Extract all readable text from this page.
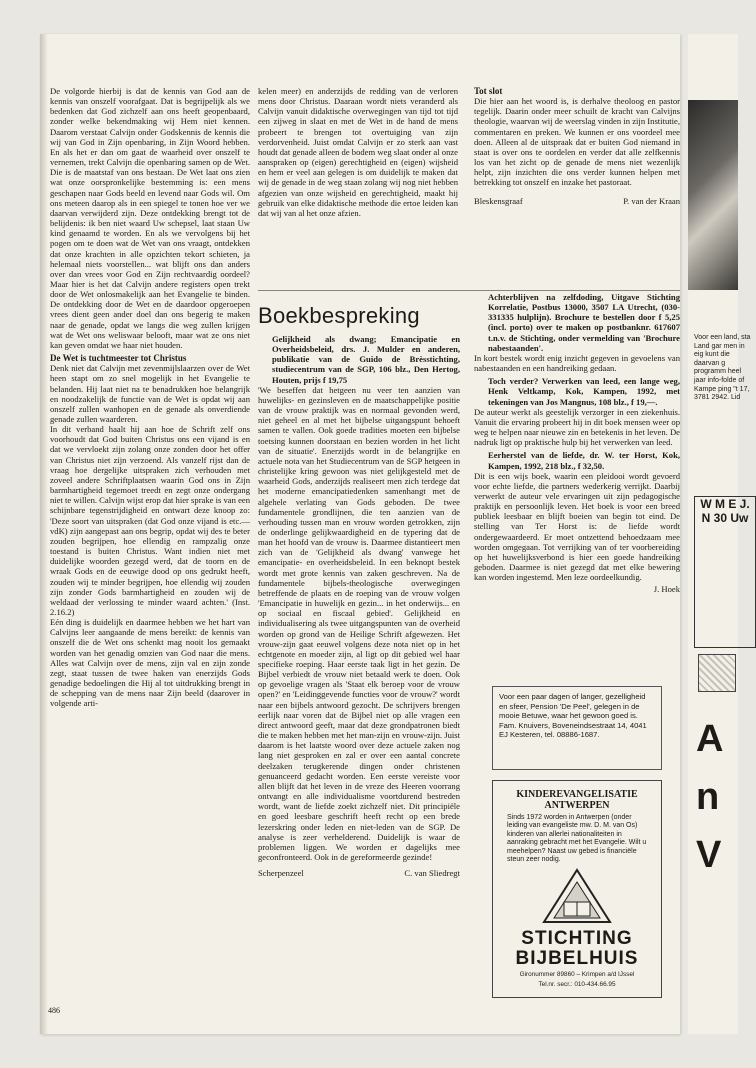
De volgorde hierbij is dat de kennis van God aan de kennis van onszelf voorafgaat. Dat is begrijpelijk als we bedenken dat God zichzelf aan ons heeft geopenbaard, zonder welke bekendmaking wij Hem niet kennen. Daarom verstaat Calvijn onder Godskennis de kennis die wij van God in Zijn openbaring, in Zijn Woord hebben. En als het er dan om gaat de waarheid over onszelf te vernemen, trekt Calvijn die openbaring samen op de Wet. Die is de maatstaf van ons bestaan. De Wet laat ons zien wat onze oorspronkelijke bestemming is: een mens geschapen naar Gods beeld en levend naar Gods wil. Om ons meteen daarop als in een spiegel te tonen hoe ver we daarvan verwijderd zijn. Deze ontdekking brengt tot de belijdenis: ik ben niet waard Uw schepsel, laat staan Uw kind genaamd te worden. En als we vervolgens bij het pogen om te doen wat de Wet van ons vraagt, ontdekken dat onze krachten in alle opzichten tekort schieten, ja helemaal niets voorstellen... wat blijft ons dan anders over dan vrees voor God en Zijn rechtvaardig oordeel? Maar hier is het dat Calvijn andere registers open trekt door de Wet onlosmakelijk aan het Evangelie te binden. De ontdekking door de Wet en de daardoor opgeroepen vrees dient geen ander doel dan ons begerig te maken naar de genade, opdat we langs die weg zullen krijgen wat de Wet ons weliswaar belooft, maar wat ze ons niet kan geven omdat we haar niet houden.

De Wet is tuchtmeester tot Christus

Denk niet dat Calvijn met zevenmijlslaarzen over de Wet heen stapt om zo snel mogelijk in het Evangelie te belanden. Hij laat niet na te benadrukken hoe belangrijk en noodzakelijk de functie van de Wet is opdat wij aan onszelf zullen wanhopen en de genade als onverdiende genade zullen waarderen.

In dit verband haalt hij aan hoe de Schrift zelf ons voorhoudt dat God buiten Christus ons een vijand is en dat we vervloekt zijn zolang onze zonden door het offer van Christus niet zijn verzoend. Als vanzelf rijst dan de vraag hoe dergelijke uitspraken zich verhouden met zoveel andere Schriftplaatsen waarin God ons in Zijn barmhartigheid tegemoet treedt en zegt onze ondergang niet te willen. Calvijn wijst erop dat hier sprake is van een schijnbare tegenstrijdigheid en ontwart deze knoop zo: 'Deze soort van uitspraken (dat God onze vijand is etc.— vdK) zijn aangepast aan ons begrip, opdat wij des te beter zouden begrijpen, hoe ellendig en rampzalig onze toestand is buiten Christus. Want indien niet met duidelijke woorden gezegd werd, dat de toorn en de wraak Gods en de eeuwige dood op ons gedrukt heeft, zouden wij te minder begrijpen, hoe ellendig wij zouden zijn zonder Gods barmhartigheid en zouden wij de weldaad der verlossing te minder waard achten.' (Inst. 2.16.2)

Eén ding is duidelijk en daarmee hebben we het hart van Calvijns leer aangaande de mens bereikt: de kennis van onszelf die de Wet ons schenkt mag nooit los gemaakt worden van het genadig omzien van God naar die mens. Alles wat Calvijn over de mens, zijn val en zijn zonde zegt, staat tussen de twee haken van enerzijds Gods genadige bedoelingen die Hij al tot uitdrukking brengt in de schepping van de mens naar Zijn beeld (daarover in volgende arti-

kelen meer) en anderzijds de redding van de verloren mens door Christus. Daaraan wordt niets veranderd als Calvijn vanuit didaktische overwegingen van tijd tot tijd een zijweg in slaat en met de Wet in de hand de mens probeert te brengen tot overtuiging van zijn verdorvenheid. Juist omdat Calvijn er zo sterk aan vast houdt dat genade alleen de bodem weg slaat onder al onze aanspraken op (eigen) gerechtigheid en (eigen) wijsheid en hem er veel aan gelegen is om duidelijk te maken dat wij de genade in de weg staan zolang wij nog niet hebben afgezien van onze wijsheid en gerechtigheid, maakt hij gebruik van elke didaktische methode die ertoe leiden kan dat wij van al het onze afzien.

Tot slot

Die hier aan het woord is, is derhalve theoloog en pastor tegelijk. Daarin onder meer schuilt de kracht van Calvijns theologie, waarvan wij de weerslag vinden in zijn Institutie, commentaren en preken. We kunnen er ons voordeel mee doen. Alleen al de uitspraak dat er buiten God niemand in staat is over ons te oordelen en verder dat alle zelfkennis los van het zicht op de genade de mens niet wezenlijk helpt, zijn inzichten die ons verder kunnen helpen met betrekking tot onszelf en inzake het pastoraat.

Bleskensgraaf	P. van der Kraan
Boekbespreking

Gelijkheid als dwang; Emancipatie en Overheidsbeleid, drs. J. Mulder en anderen, publikatie van de Guido de Brèsstichting, studiecentrum van de SGP, 106 blz., Den Hertog, Houten, prijs f 19,75

'We beseffen dat hetgeen nu veer ten aanzien van huwelijks- en gezinsleven en de maatschappelijke positie van de vrouw praktijk was en normaal gevonden werd, niet geheel en al met het bijbelse uitgangspunt behoeft samen te vallen. Ook goede tradities moeten een bijbelse toetsing kunnen doorstaan en bezien worden in het licht van de situatie'. Enerzijds wordt in de belangrijke en actuele nota van het Studiecentrum van de SGP hetgeen in christelijke kring gewoon was niet gelijkgesteld met de waarheid Gods, anderzijds realiseert men zich terdege dat het moderne emancipatiedenken samenhangt met de algehele verlating van Gods geboden. De twee fundamentele grondlijnen, die ten aanzien van de verhouding tussen man en vrouw worden getrokken, zijn de onderlinge gelijkwaardigheid en de typering dat de man het hoofd van de vrouw is. Daarmee distantieert men zich van de 'Gelijkheid als dwang' vanwege het emancipatie- en overheidsbeleid. In een beknopt bestek wordt met grote kennis van zaken geschreven. Na de fundamentele bijbels-theologische overwegingen betreffende de plaats en de roeping van de vrouw volgen 'Emancipatie in huwelijk en gezin... in het onderwijs... en op sociaal en fiscaal gebied'. Gelijkheid en individualisering als twee uitgangspunten van de overheid worden op grond van de Heilige Schrift afgewezen. Het vrouw-zijn gaat eeuwel volgens deze nota niet op in het echtgenote en moeder zijn, al ligt op dit gebied wel haar specifieke roeping. Haar eerste taak ligt in het gezin. De Bijbel verbiedt de vrouw niet betaald werk te doen. Ook op gevoelige vragen als 'Staat elk beroep voor de vrouw open?' en 'Leidinggevende functies voor de vrouw?' wordt naar een bijbels antwoord gezocht. De schrijvers brengen eerlijk naar voren dat de Bijbel niet op alle vragen een direct antwoord geeft, maar dat deze grondpatronen biedt die te maken hebben met het man-zijn en vrouw-zijn. Juist daarom is het laatste woord over deze actuele zaken nog lang niet gesproken en zal er over een aantal concrete deelzaken terugkerende dingen onder christenen genuanceerd gedacht worden. Een eerste vereiste voor allen blijft dat het leven in de vreze des Heeren voorrang ontvangt en alle individualisme voortdurend bestreden wordt, want de liefde zoekt zichzelf niet. Dit principiële en goed leesbare geschrift heeft recht op een brede lezerskring onder leden en niet-leden van de SGP. De analyse is zeer verhelderend. Duidelijk is waar de problemen liggen. We worden er dagelijks mee geconfronteerd. Ook in de gereformeerde gezinde!

Scherpenzeel	C. van Sliedregt

Achterblijven na zelfdoding, Uitgave Stichting Korrelatie, Postbus 13000, 3507 LA Utrecht, (030-331335 hulplijn). Brochure te bestellen door f 5,25 (incl. porto) over te maken op postbanknr. 617607 t.n.v. de Stichting, onder vermelding van 'Brochure nabestaanden'.

In kort bestek wordt enig inzicht gegeven in gevoelens van nabestaanden en een handreiking gedaan.

Toch verder? Verwerken van leed, een lange weg, Henk Veltkamp, Kok, Kampen, 1992, met tekeningen van Jos Mangnus, 108 blz., f 19,—.

De auteur werkt als geestelijk verzorger in een ziekenhuis. Vanuit die ervaring probeert hij in dit boek mensen weer op weg te helpen naar nieuwe zin en betekenis in het leven. De nadruk ligt op praktische hulp bij het verwerken van leed.

Eerherstel van de liefde, dr. W. ter Horst, Kok, Kampen, 1992, 218 blz., f 32,50.

Dit is een wijs boek, waarin een pleidooi wordt gevoerd voor echte liefde, die partners wederkerig verrijkt. Daarbij verwerkt de auteur vele ervaringen uit zijn pedagogische praktijk en persoonlijk leven. Het boek is voor een breed publiek leesbaar en blijft boeien van begin tot eind. De stelling van Ter Horst is: de liefde wordt ondergewaardeerd. Er moet ontzettend behoedzaam mee worden omgegaan. Tot verrijking van of ter voorbereiding op het huwelijksverbond is hier een goede handreiking geboden. Daarmee is niet gezegd dat met elke bewering kan worden ingestemd. Men leze oordeelkundig.

J. Hoek
Voor een paar dagen of langer, gezelligheid en sfeer, Pension 'De Peel', gelegen in de mooie Betuwe, waar het gewoon goed is. Fam. Knuivers, Boveneindsestraat 14, 4041 EJ Kesteren, tel. 08886-1687.
KINDEREVANGELISATIE ANTWERPEN
Sinds 1972 worden in Antwerpen (onder leiding van evangeliste mw. D. M. van Os) kinderen van allerlei nationaliteiten in aanraking gebracht met het Evangelie. Wilt u meehelpen? Naast uw gebed is financiële steun zeer nodig.
STICHTING
BIJBELHUIS
Gironummer 89860 – Krimpen a/d IJssel
Tel.nr. secr.: 010-434.66.95
486
Voor een land, sta Land gar men in eig kunt die daarvan g programm heel jaar info-folde of Kampe ping "t 17, 3781 2942. Lid
W M E J. N 30 Uw
A n V
